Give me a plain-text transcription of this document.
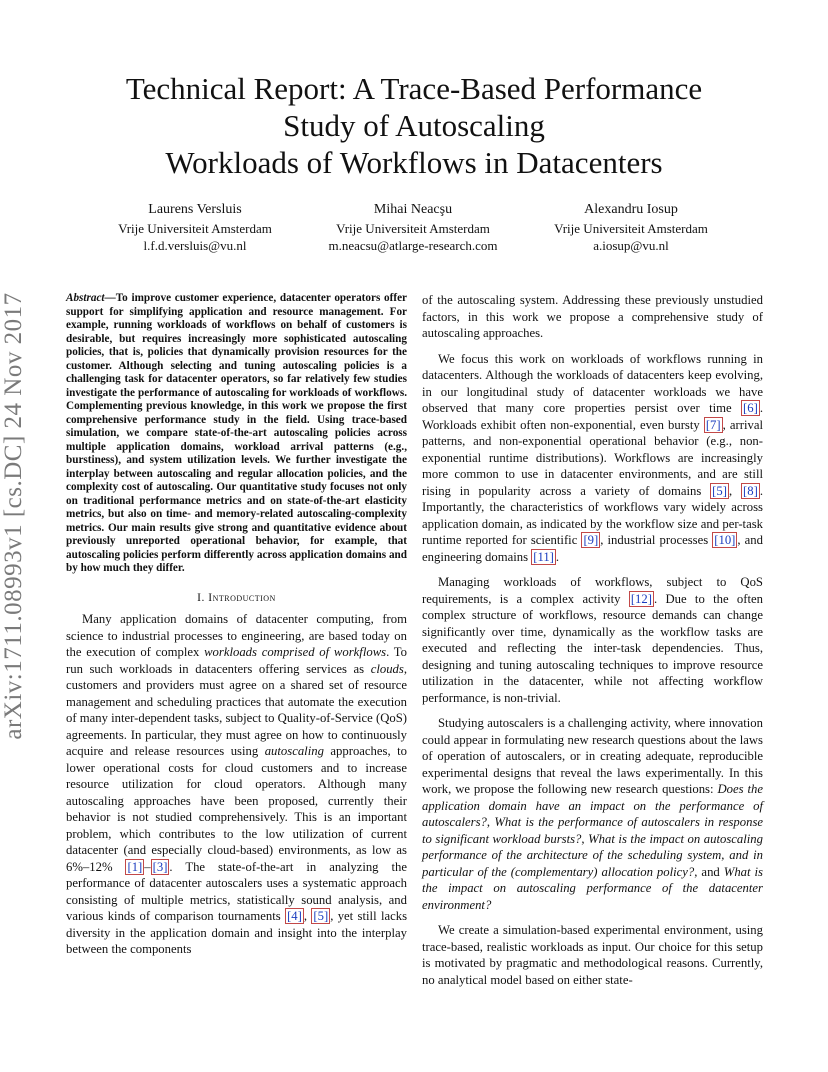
Technical Report: A Trace-Based Performance
Study of Autoscaling
Workloads of Workflows in Datacenters
Laurens Versluis
Vrije Universiteit Amsterdam
l.f.d.versluis@vu.nl
Mihai Neacşu
Vrije Universiteit Amsterdam
m.neacsu@atlarge-research.com
Alexandru Iosup
Vrije Universiteit Amsterdam
a.iosup@vu.nl
arXiv:1711.08993v1 [cs.DC] 24 Nov 2017	Abstract—To improve customer experience, datacenter operators offer support for simplifying application and resource management. For example, running workloads of workflows on behalf of customers is desirable, but requires increasingly more sophisticated autoscaling policies, that is, policies that dynamically provision resources for the customer. Although selecting and tuning autoscaling policies is a challenging task for datacenter operators, so far relatively few studies investigate the performance of autoscaling for workloads of workflows. Complementing previous knowledge, in this work we propose the first comprehensive performance study in the field. Using trace-based simulation, we compare state-of-the-art autoscaling policies across multiple application domains, workload arrival patterns (e.g., burstiness), and system utilization levels. We further investigate the interplay between autoscaling and regular allocation policies, and the complexity cost of autoscaling. Our quantitative study focuses not only on traditional performance metrics and on state-of-the-art elasticity metrics, but also on time- and memory-related autoscaling-complexity metrics. Our main results give strong and quantitative evidence about previously unreported operational behavior, for example, that autoscaling policies perform differently across application domains and by how much they differ.
I. Introduction

Many application domains of datacenter computing, from science to industrial processes to engineering, are based today on the execution of complex workloads comprised of workflows. To run such workloads in datacenters offering services as clouds, customers and providers must agree on a shared set of resource management and scheduling practices that automate the execution of many inter-dependent tasks, subject to Quality-of-Service (QoS) agreements. In particular, they must agree on how to continuously acquire and release resources using autoscaling approaches, to lower operational costs for cloud customers and to increase resource utilization for cloud operators. Although many autoscaling approaches have been proposed, currently their behavior is not studied comprehensively. This is an important problem, which contributes to the low utilization of current datacenter (and especially cloud-based) environments, as low as 6%–12% [1] – [3] . The state-of-the-art in analyzing the performance of datacenter autoscalers uses a systematic approach consisting of multiple metrics, statistically sound analysis, and various kinds of comparison tournaments [4] , [5] , yet still lacks diversity in the application domain and insight into the interplay between the components

of the autoscaling system. Addressing these previously unstudied factors, in this work we propose a comprehensive study of autoscaling approaches.

We focus this work on workloads of workflows running in datacenters. Although the workloads of datacenters keep evolving, in our longitudinal study of datacenter workloads we have observed that many core properties persist over time [6] . Workloads exhibit often non-exponential, even bursty [7] , arrival patterns, and non-exponential operational behavior (e.g., non-exponential runtime distributions). Workflows are increasingly more common to use in datacenter environments, and are still rising in popularity across a variety of domains [5] , [8] . Importantly, the characteristics of workflows vary widely across application domain, as indicated by the workflow size and per-task runtime reported for scientific [9] , industrial processes [10] , and engineering domains [11] .

Managing workloads of workflows, subject to QoS requirements, is a complex activity [12] . Due to the often complex structure of workflows, resource demands can change significantly over time, dynamically as the workflow tasks are executed and reflecting the inter-task dependencies. Thus, designing and tuning autoscaling techniques to improve resource utilization in the datacenter, while not affecting workflow performance, is non-trivial.

Studying autoscalers is a challenging activity, where innovation could appear in formulating new research questions about the laws of operation of autoscalers, or in creating adequate, reproducible experimental designs that reveal the laws experimentally. In this work, we propose the following new research questions: Does the application domain have an impact on the performance of autoscalers?, What is the performance of autoscalers in response to significant workload bursts?, What is the impact on autoscaling performance of the architecture of the scheduling system, and in particular of the (complementary) allocation policy?, and What is the impact on autoscaling performance of the datacenter environment?

We create a simulation-based experimental environment, using trace-based, realistic workloads as input. Our choice for this setup is motivated by pragmatic and methodological reasons. Currently, no analytical model based on either state-
